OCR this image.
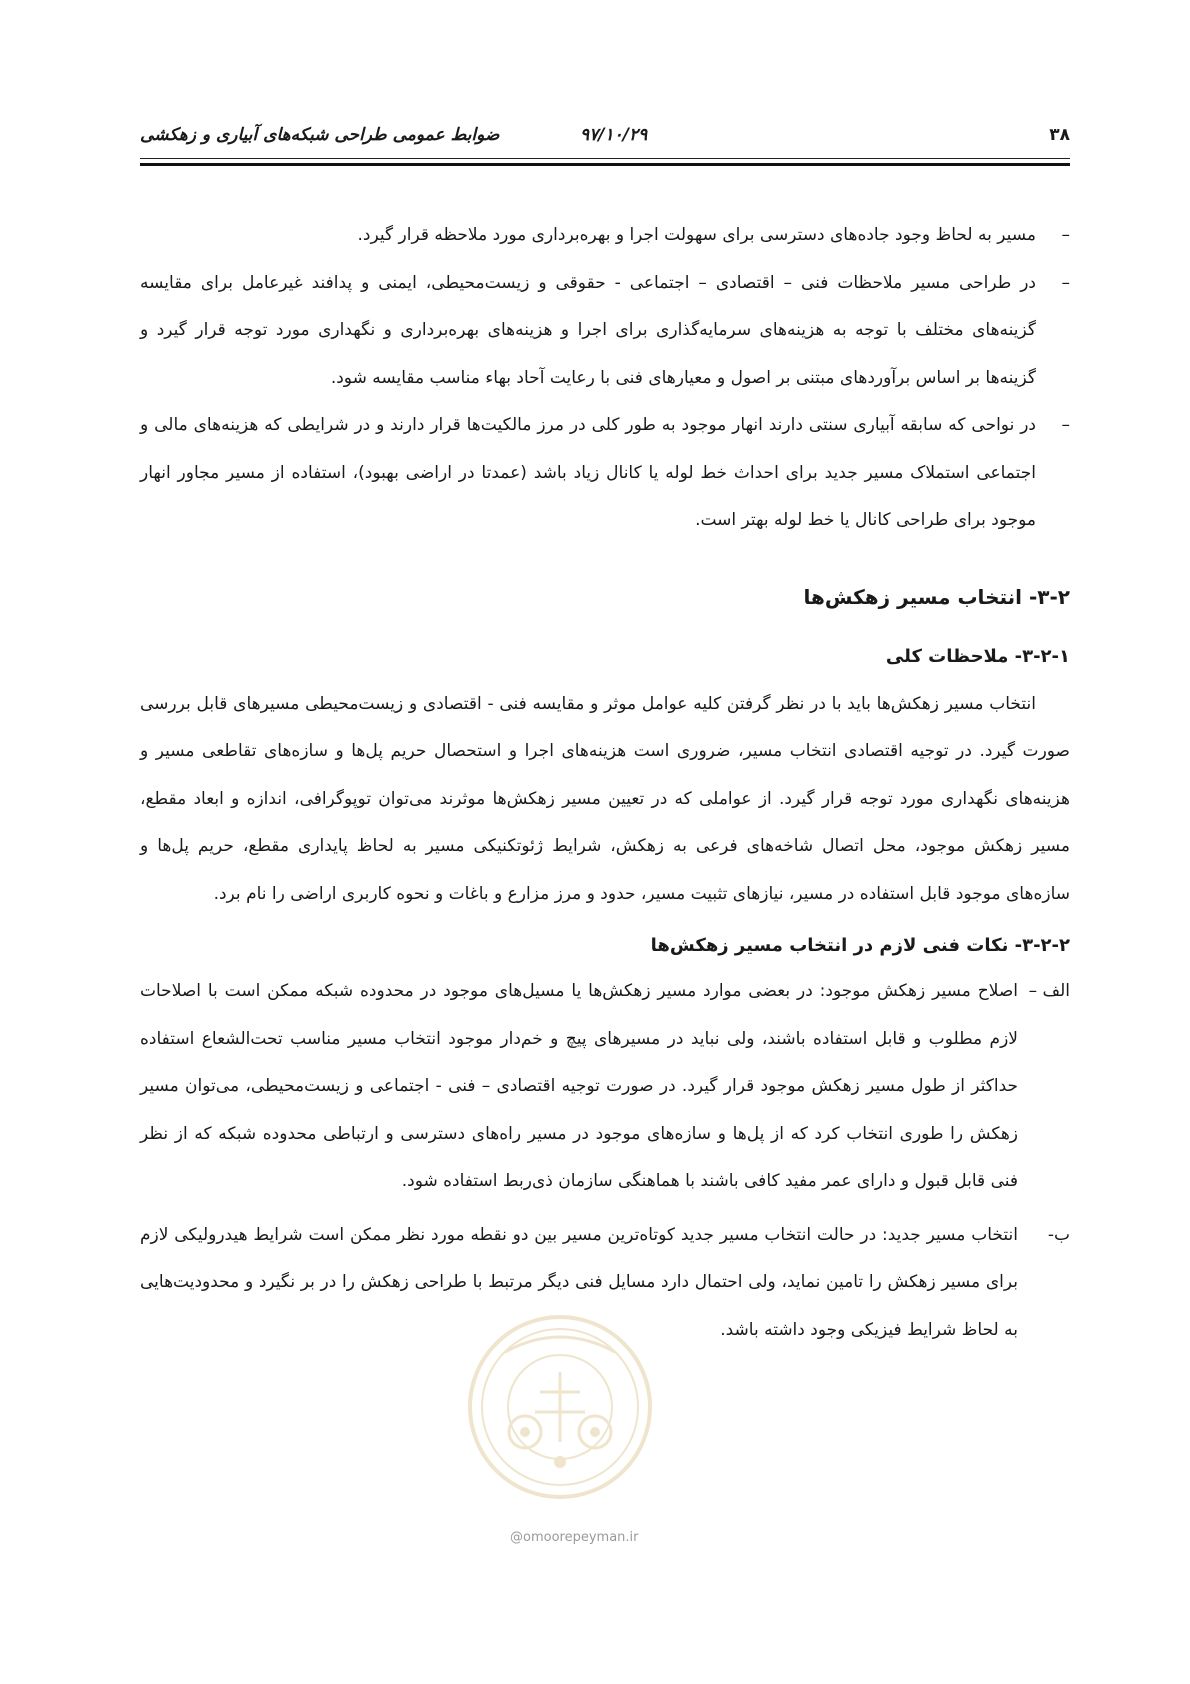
۳۸
۹۷/۱۰/۲۹
ضوابط عمومی طراحی شبکه‌های آبیاری و زهکشی
–
مسیر به لحاظ وجود جاده‌های دسترسی برای سهولت اجرا و بهره‌برداری مورد ملاحظه قرار گیرد.
–
در طراحی مسیر ملاحظات فنی – اقتصادی – اجتماعی - حقوقی و زیست‌محیطی، ایمنی و پدافند غیرعامل برای مقایسه گزینه‌های مختلف با توجه به هزینه‌های سرمایه‌گذاری برای اجرا و هزینه‌های بهره‌برداری و نگهداری مورد توجه قرار گیرد و گزینه‌ها بر اساس برآوردهای مبتنی بر اصول و معیارهای فنی با رعایت آحاد بهاء مناسب مقایسه شود.
–
در نواحی که سابقه آبیاری سنتی دارند انهار موجود به طور کلی در مرز مالکیت‌ها قرار دارند و در شرایطی که هزینه‌های مالی و اجتماعی استملاک مسیر جدید برای احداث خط لوله یا کانال زیاد باشد (عمدتا در اراضی بهبود)، استفاده از مسیر مجاور انهار موجود برای طراحی کانال یا خط لوله بهتر است.
۳-۲- انتخاب مسیر زهکش‌ها
۳-۲-۱- ملاحظات کلی

انتخاب مسیر زهکش‌ها باید با در نظر گرفتن کلیه عوامل موثر و مقایسه فنی - اقتصادی و زیست‌محیطی مسیرهای قابل بررسی صورت گیرد. در توجیه اقتصادی انتخاب مسیر، ضروری است هزینه‌های اجرا و استحصال حریم پل‌ها و سازه‌های تقاطعی مسیر و هزینه‌های نگهداری مورد توجه قرار گیرد. از عواملی که در تعیین مسیر زهکش‌ها موثرند می‌توان توپوگرافی، اندازه و ابعاد مقطع، مسیر زهکش موجود، محل اتصال شاخه‌های فرعی به زهکش، شرایط ژئوتکنیکی مسیر به لحاظ پایداری مقطع، حریم پل‌ها و سازه‌های موجود قابل استفاده در مسیر، نیازهای تثبیت مسیر، حدود و مرز مزارع و باغات و نحوه کاربری اراضی را نام برد.

۳-۲-۲- نکات فنی لازم در انتخاب مسیر زهکش‌ها
الف –
اصلاح مسیر زهکش موجود: در بعضی موارد مسیر زهکش‌ها یا مسیل‌های موجود در محدوده شبکه ممکن است با اصلاحات لازم مطلوب و قابل استفاده باشند، ولی نباید در مسیرهای پیچ و خم‌دار موجود انتخاب مسیر مناسب تحت‌الشعاع استفاده حداکثر از طول مسیر زهکش موجود قرار گیرد. در صورت توجیه اقتصادی – فنی - اجتماعی و زیست‌محیطی، می‌توان مسیر زهکش را طوری انتخاب کرد که از پل‌ها و سازه‌های موجود در مسیر راه‌های دسترسی و ارتباطی محدوده شبکه که از نظر فنی قابل قبول و دارای عمر مفید کافی باشند با هماهنگی سازمان ذی‌ربط استفاده شود.
ب-
انتخاب مسیر جدید: در حالت انتخاب مسیر جدید کوتاه‌ترین مسیر بین دو نقطه مورد نظر ممکن است شرایط هیدرولیکی لازم برای مسیر زهکش را تامین نماید، ولی احتمال دارد مسایل فنی دیگر مرتبط با طراحی زهکش را در بر نگیرد و محدودیت‌هایی به لحاظ شرایط فیزیکی وجود داشته باشد.
@omoorepeyman.ir
